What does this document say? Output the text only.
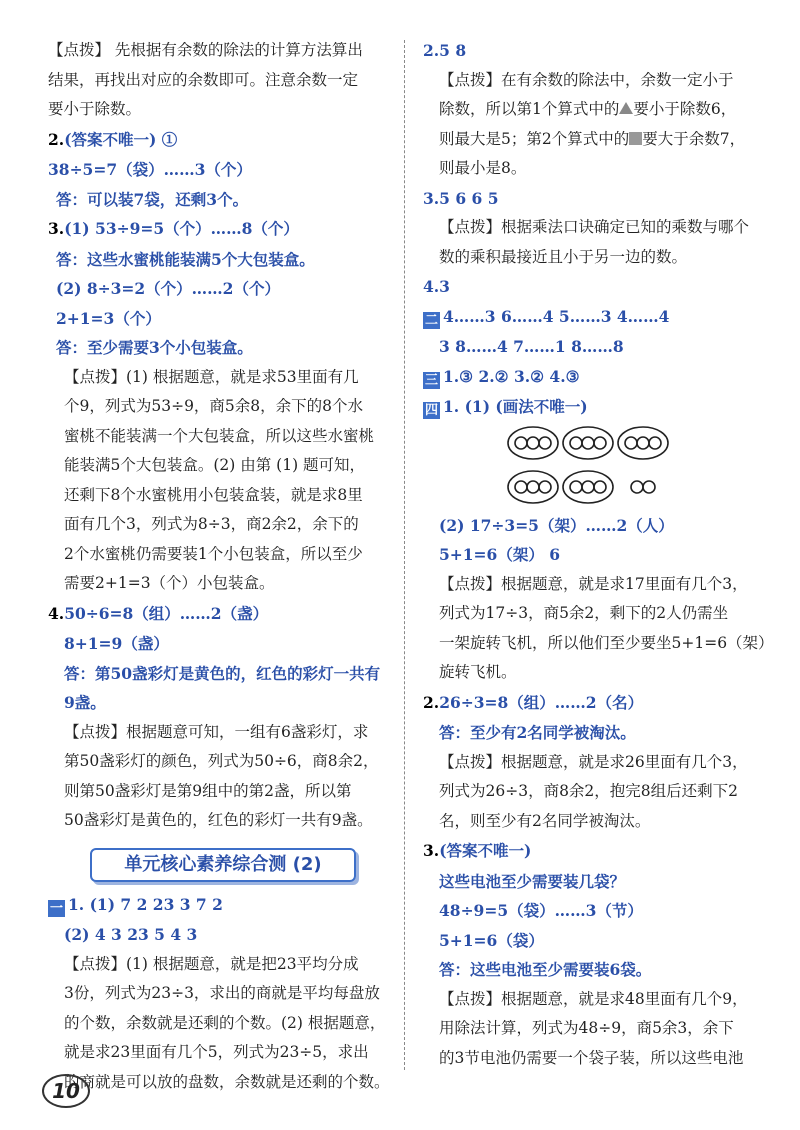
【点拨】 先根据有余数的除法的计算方法算出
结果，再找出对应的余数即可。注意余数一定
要小于除数。
2.(答案不唯一) ①
38÷5=7（袋）……3（个）
答：可以装7袋，还剩3个。
3.(1) 53÷9=5（个）……8（个）
答：这些水蜜桃能装满5个大包装盒。
(2) 8÷3=2（个）……2（个）
2+1=3（个）
答：至少需要3个小包装盒。
【点拨】(1) 根据题意，就是求53里面有几
个9，列式为53÷9，商5余8，余下的8个水
蜜桃不能装满一个大包装盒，所以这些水蜜桃
能装满5个大包装盒。(2) 由第 (1) 题可知，
还剩下8个水蜜桃用小包装盒装，就是求8里
面有几个3，列式为8÷3，商2余2，余下的
2个水蜜桃仍需要装1个小包装盒，所以至少
需要2+1=3（个）小包装盒。
4.50÷6=8（组）……2（盏）
8+1=9（盏）
答：第50盏彩灯是黄色的，红色的彩灯一共有
9盏。
【点拨】根据题意可知，一组有6盏彩灯，求
第50盏彩灯的颜色，列式为50÷6，商8余2，
则第50盏彩灯是第9组中的第2盏，所以第
50盏彩灯是黄色的，红色的彩灯一共有9盏。
单元核心素养综合测 (2)
一 1. (1) 7 2 23 3 7 2
(2) 4 3 23 5 4 3
【点拨】(1) 根据题意，就是把23平均分成
3份，列式为23÷3，求出的商就是平均每盘放
的个数，余数就是还剩的个数。(2) 根据题意，
就是求23里面有几个5，列式为23÷5，求出
的商就是可以放的盘数，余数就是还剩的个数。
2.5 8
【点拨】在有余数的除法中，余数一定小于
除数，所以第1个算式中的 要小于除数6，
则最大是5；第2个算式中的 要大于余数7，
则最小是8。
3.5 6 6 5
【点拨】根据乘法口诀确定已知的乘数与哪个
数的乘积最接近且小于另一边的数。
4.3
二 4……3 6……4 5……3 4……4
3 8……4 7……1 8……8
三 1.③ 2.② 3.② 4.③
四 1. (1) (画法不唯一)
(2) 17÷3=5（架）……2（人）
5+1=6（架） 6
【点拨】根据题意，就是求17里面有几个3，
列式为17÷3，商5余2，剩下的2人仍需坐
一架旋转飞机，所以他们至少要坐5+1=6（架）
旋转飞机。
2.26÷3=8（组）……2（名）
答：至少有2名同学被淘汰。
【点拨】根据题意，就是求26里面有几个3，
列式为26÷3，商8余2，抱完8组后还剩下2
名，则至少有2名同学被淘汰。
3.(答案不唯一)
这些电池至少需要装几袋？
48÷9=5（袋）……3（节）
5+1=6（袋）
答：这些电池至少需要装6袋。
【点拨】根据题意，就是求48里面有几个9，
用除法计算，列式为48÷9，商5余3，余下
的3节电池仍需要一个袋子装，所以这些电池
10
